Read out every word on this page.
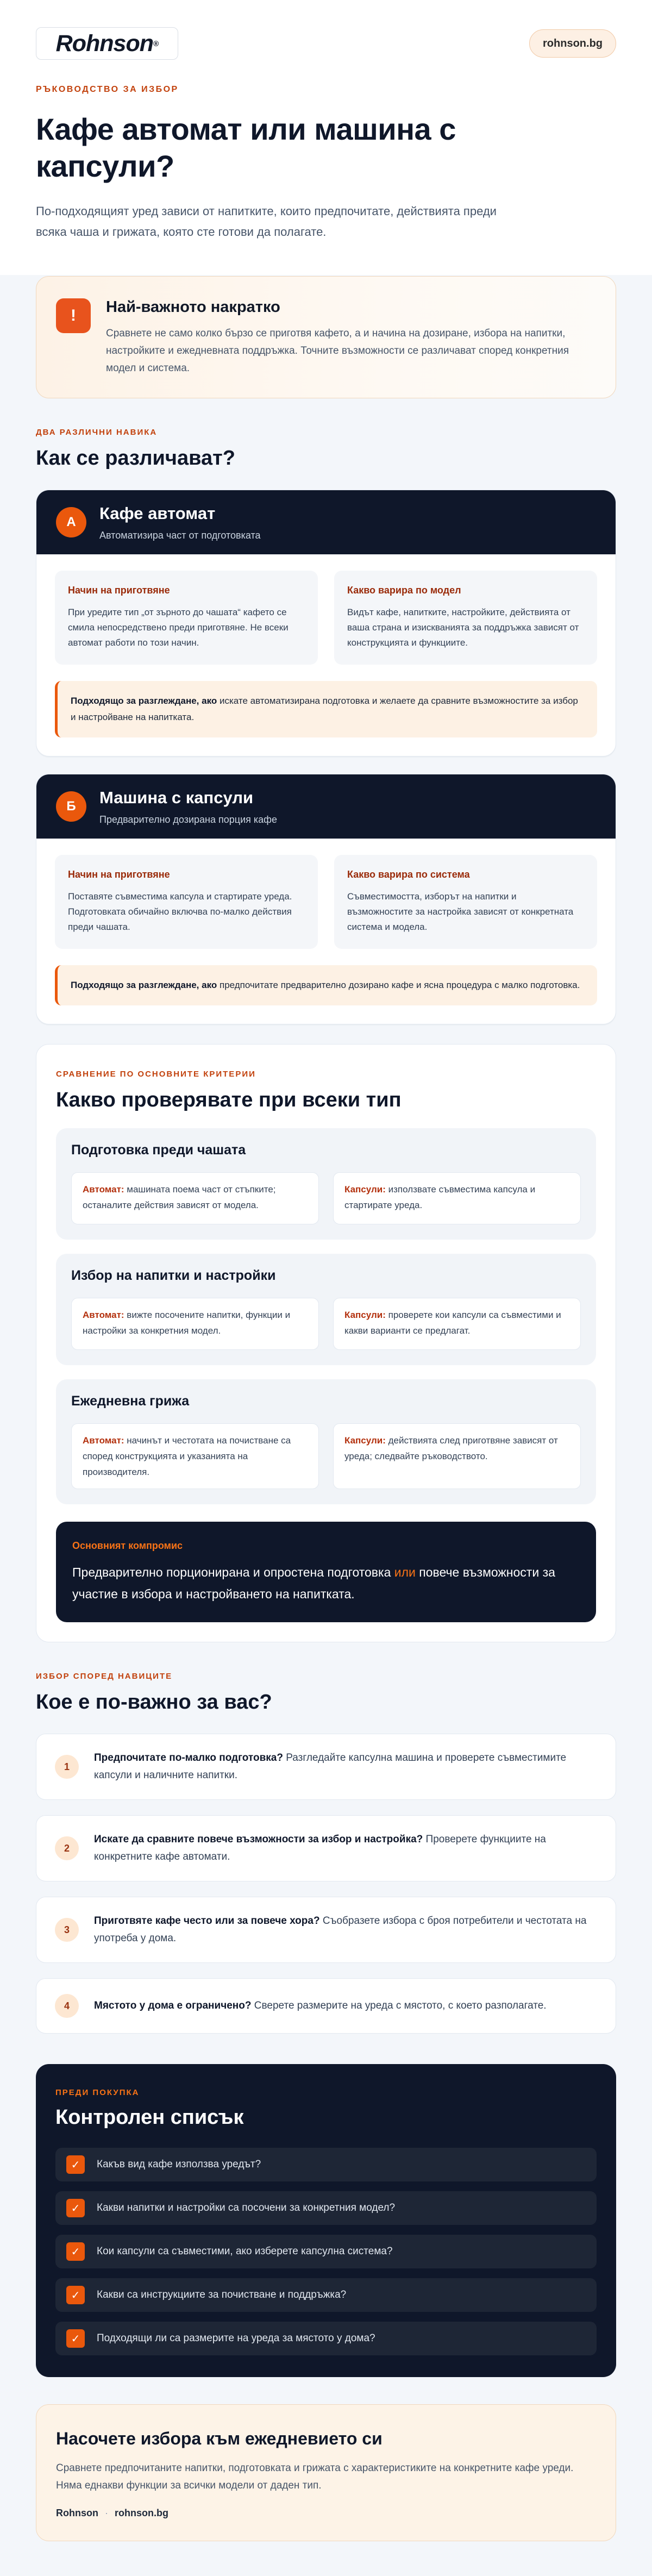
Rohnson ®	rohnson.bg
РЪКОВОДСТВО ЗА ИЗБОР
Кафе автомат или машина с капсули?

По-подходящият уред зависи от напитките, които предпочитате, действията преди всяка чаша и грижата, която сте готови да полагате.

!	Най-важното накратко

Сравнете не само колко бързо се приготвя кафето, а и начина на дозиране, избора на напитки, настройките и ежедневната поддръжка. Точните възможности се различават според конкретния модел и система.

ДВА РАЗЛИЧНИ НАВИКА
Как се различават?
А	Кафе автомат
Автоматизира част от подготовката
Начин на приготвяне

При уредите тип „от зърното до чашата“ кафето се смила непосредствено преди приготвяне. Не всеки автомат работи по този начин.

Какво варира по модел

Видът кафе, напитките, настройките, действията от ваша страна и изискванията за поддръжка зависят от конструкцията и функциите.

Подходящо за разглеждане, ако искате автоматизирана подготовка и желаете да сравните възможностите за избор и настройване на напитката.
Б	Машина с капсули
Предварително дозирана порция кафе
Начин на приготвяне

Поставяте съвместима капсула и стартирате уреда. Подготовката обичайно включва по-малко действия преди чашата.

Какво варира по система

Съвместимостта, изборът на напитки и възможностите за настройка зависят от конкретната система и модела.

Подходящо за разглеждане, ако предпочитате предварително дозирано кафе и ясна процедура с малко подготовка.
СРАВНЕНИЕ ПО ОСНОВНИТЕ КРИТЕРИИ
Какво проверявате при всеки тип
Подготовка преди чашата
Автомат: машината поема част от стъпките; останалите действия зависят от модела.
Капсули: използвате съвместима капсула и стартирате уреда.
Избор на напитки и настройки
Автомат: вижте посочените напитки, функции и настройки за конкретния модел.
Капсули: проверете кои капсули са съвместими и какви варианти се предлагат.
Ежедневна грижа
Автомат: начинът и честотата на почистване са според конструкцията и указанията на производителя.
Капсули: действията след приготвяне зависят от уреда; следвайте ръководството.
Основният компромис

Предварително порционирана и опростена подготовка или повече възможности за участие в избора и настройването на напитката.

ИЗБОР СПОРЕД НАВИЦИТЕ
Кое е по-важно за вас?
1

Предпочитате по-малко подготовка? Разгледайте капсулна машина и проверете съвместимите капсули и наличните напитки.

2

Искате да сравните повече възможности за избор и настройка? Проверете функциите на конкретните кафе автомати.

3

Приготвяте кафе често или за повече хора? Съобразете избора с броя потребители и честотата на употреба у дома.

4	Мястото у дома е ограничено? Сверете размерите на уреда с мястото, с което разполагате.

ПРЕДИ ПОКУПКА
Контролен списък
✓	Какъв вид кафе използва уредът?
✓	Какви напитки и настройки са посочени за конкретния модел?
✓	Кои капсули са съвместими, ако изберете капсулна система?
✓	Какви са инструкциите за почистване и поддръжка?
✓	Подходящи ли са размерите на уреда за мястото у дома?
Насочете избора към ежедневието си

Сравнете предпочитаните напитки, подготовката и грижата с характеристиките на конкретните кафе уреди. Няма еднакви функции за всички модели от даден тип.

Rohnson · rohnson.bg
